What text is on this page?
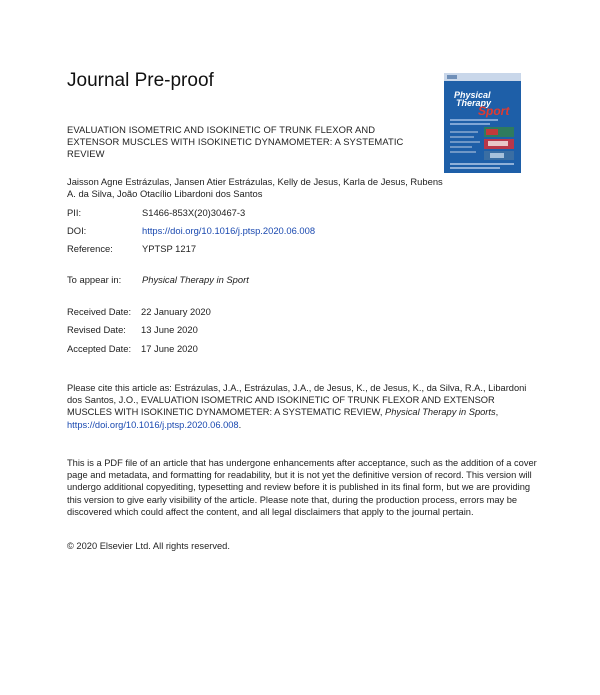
Journal Pre-proof
Physical
Therapy
Sport
EVALUATION ISOMETRIC AND ISOKINETIC OF TRUNK FLEXOR AND EXTENSOR MUSCLES WITH ISOKINETIC DYNAMOMETER: A SYSTEMATIC REVIEW
Jaisson Agne Estrázulas, Jansen Atier Estrázulas, Kelly de Jesus, Karla de Jesus, Rubens A. da Silva, João Otacílio Libardoni dos Santos
PII:	S1466-853X(20)30467-3
DOI:	https://doi.org/10.1016/j.ptsp.2020.06.008
Reference:	YPTSP 1217
To appear in: Physical Therapy in Sport
Received Date: 22 January 2020
Revised Date: 13 June 2020
Accepted Date: 17 June 2020
Please cite this article as: Estrázulas, J.A., Estrázulas, J.A., de Jesus, K., de Jesus, K., da Silva, R.A., Libardoni dos Santos, J.O., EVALUATION ISOMETRIC AND ISOKINETIC OF TRUNK FLEXOR AND EXTENSOR MUSCLES WITH ISOKINETIC DYNAMOMETER: A SYSTEMATIC REVIEW, Physical Therapy in Sports, https://doi.org/10.1016/j.ptsp.2020.06.008.
This is a PDF file of an article that has undergone enhancements after acceptance, such as the addition of a cover page and metadata, and formatting for readability, but it is not yet the definitive version of record. This version will undergo additional copyediting, typesetting and review before it is published in its final form, but we are providing this version to give early visibility of the article. Please note that, during the production process, errors may be discovered which could affect the content, and all legal disclaimers that apply to the journal pertain.
© 2020 Elsevier Ltd. All rights reserved.
